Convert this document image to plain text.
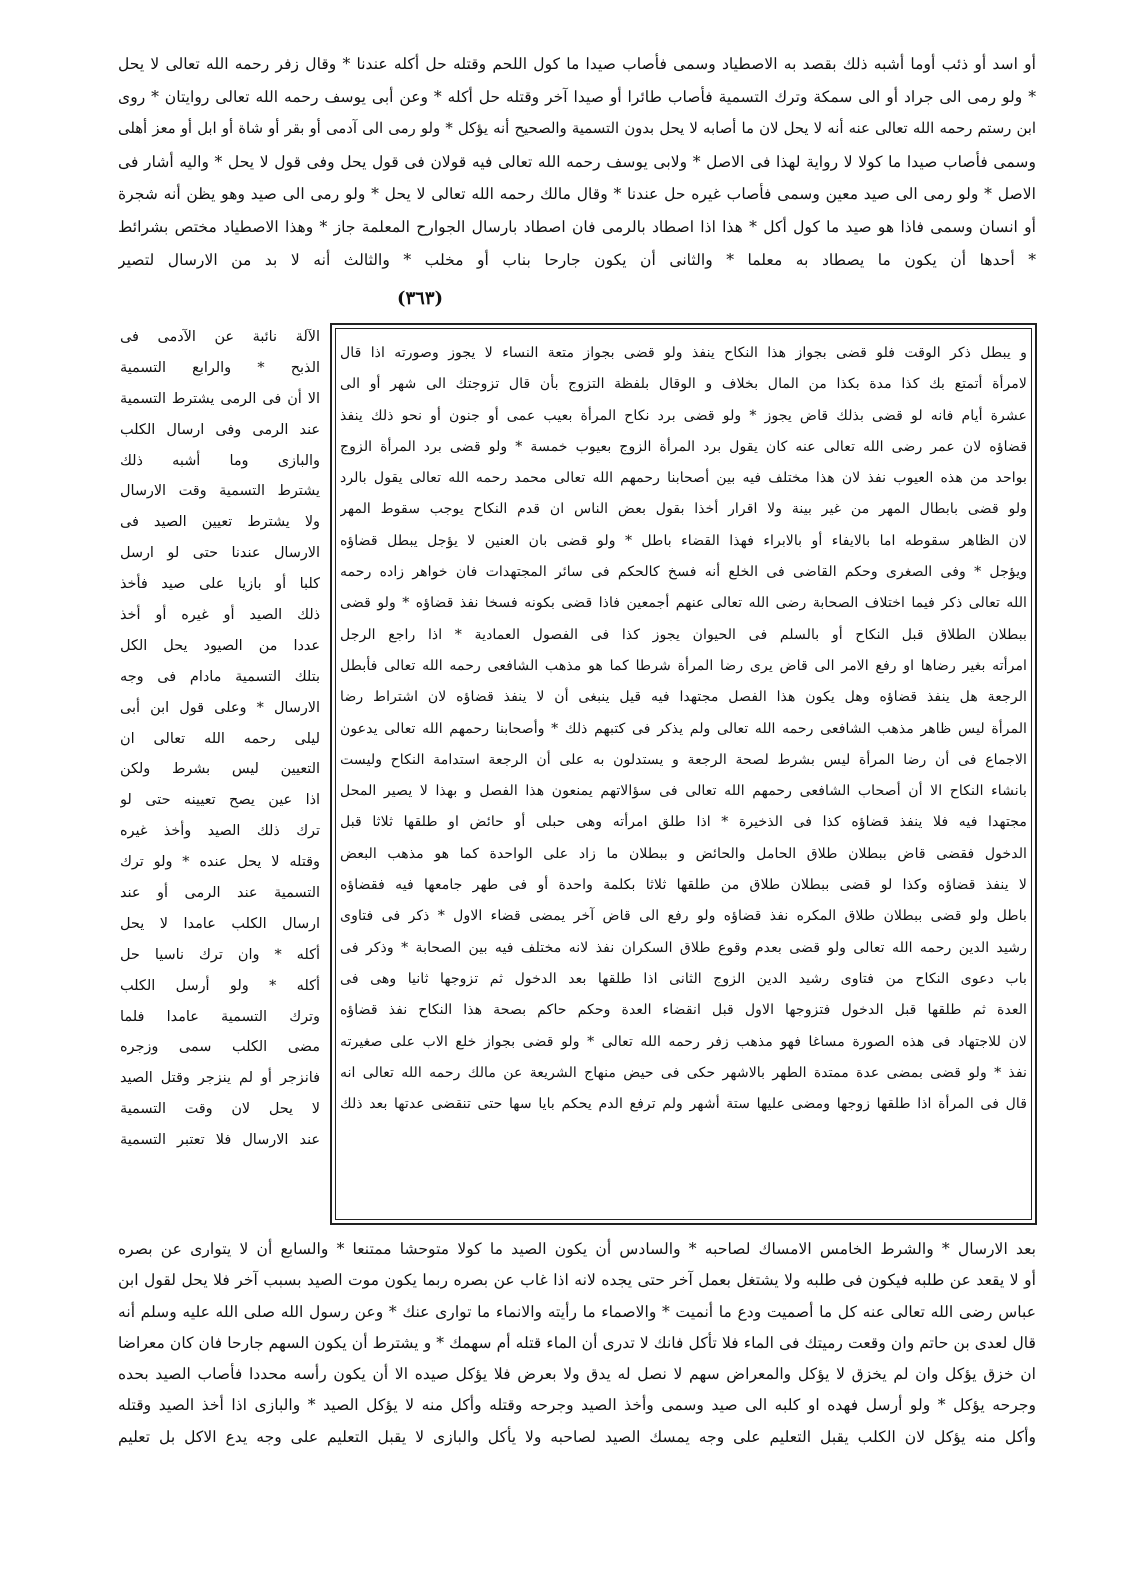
أو اسد أو ذئب أوما أشبه ذلك بقصد به الاصطياد وسمى فأصاب صيدا ما كول اللحم وقتله حل أكله عندنا * وقال زفر رحمه الله تعالى لا يحل
* ولو رمى الى جراد أو الى سمكة وترك التسمية فأصاب طائرا أو صيدا آخر وقتله حل أكله * وعن أبى يوسف رحمه الله تعالى روايتان * روى
ابن رستم رحمه الله تعالى عنه أنه لا يحل لان ما أصابه لا يحل بدون التسمية والصحيح أنه يؤكل * ولو رمى الى آدمى أو بقر أو شاة أو ابل أو معز أهلى
وسمى فأصاب صيدا ما كولا لا رواية لهذا فى الاصل * ولابى يوسف رحمه الله تعالى فيه قولان فى قول يحل وفى قول لا يحل * واليه أشار فى
الاصل * ولو رمى الى صيد معين وسمى فأصاب غيره حل عندنا * وقال مالك رحمه الله تعالى لا يحل * ولو رمى الى صيد وهو يظن أنه شجرة
أو انسان وسمى فاذا هو صيد ما كول أكل * هذا اذا اصطاد بالرمى فان اصطاد بارسال الجوارح المعلمة جاز * وهذا الاصطياد مختص بشرائط
* أحدها أن يكون ما يصطاد به معلما * والثانى أن يكون جارحا بناب أو مخلب * والثالث أنه لا بد من الارسال لتصير
(٣٦٣)
و يبطل ذكر الوقت فلو قضى بجواز هذا النكاح ينفذ ولو قضى بجواز متعة النساء لا يجوز وصورته اذا قال
لامرأة أتمتع بك كذا مدة بكذا من المال بخلاف و الوقال بلفظة التزوج بأن قال تزوجتك الى شهر أو الى
عشرة أيام فانه لو قضى بذلك قاض يجوز * ولو قضى برد نكاح المرأة بعيب عمى أو جنون أو نحو ذلك ينفذ
قضاؤه لان عمر رضى الله تعالى عنه كان يقول برد المرأة الزوج بعيوب خمسة * ولو قضى برد المرأة الزوج
بواحد من هذه العيوب نفذ لان هذا مختلف فيه بين أصحابنا رحمهم الله تعالى محمد رحمه الله تعالى يقول بالرد
ولو قضى بابطال المهر من غير بينة ولا اقرار أخذا بقول بعض الناس ان قدم النكاح يوجب سقوط المهر
لان الظاهر سقوطه اما بالايفاء أو بالابراء فهذا القضاء باطل * ولو قضى بان العنين لا يؤجل يبطل قضاؤه
ويؤجل * وفى الصغرى وحكم القاضى فى الخلع أنه فسخ كالحكم فى سائر المجتهدات فان خواهر زاده رحمه
الله تعالى ذكر فيما اختلاف الصحابة رضى الله تعالى عنهم أجمعين فاذا قضى بكونه فسخا نفذ قضاؤه * ولو قضى
ببطلان الطلاق قبل النكاح أو بالسلم فى الحيوان يجوز كذا فى الفصول العمادية * اذا راجع الرجل
امرأته بغير رضاها او رفع الامر الى قاض يرى رضا المرأة شرطا كما هو مذهب الشافعى رحمه الله تعالى فأبطل
الرجعة هل ينفذ قضاؤه وهل يكون هذا الفصل مجتهدا فيه قيل ينبغى أن لا ينفذ قضاؤه لان اشتراط رضا
المرأة ليس ظاهر مذهب الشافعى رحمه الله تعالى ولم يذكر فى كتبهم ذلك * وأصحابنا رحمهم الله تعالى يدعون
الاجماع فى أن رضا المرأة ليس بشرط لصحة الرجعة و يستدلون به على أن الرجعة استدامة النكاح وليست
بانشاء النكاح الا أن أصحاب الشافعى رحمهم الله تعالى فى سؤالاتهم يمنعون هذا الفصل و بهذا لا يصير المحل
مجتهدا فيه فلا ينفذ قضاؤه كذا فى الذخيرة * اذا طلق امرأته وهى حبلى أو حائض او طلقها ثلاثا قبل
الدخول فقضى قاض ببطلان طلاق الحامل والحائض و ببطلان ما زاد على الواحدة كما هو مذهب البعض
لا ينفذ قضاؤه وكذا لو قضى ببطلان طلاق من طلقها ثلاثا بكلمة واحدة أو فى طهر جامعها فيه فقضاؤه
باطل ولو قضى ببطلان طلاق المكره نفذ قضاؤه ولو رفع الى قاض آخر يمضى قضاء الاول * ذكر فى فتاوى
رشيد الدين رحمه الله تعالى ولو قضى بعدم وقوع طلاق السكران نفذ لانه مختلف فيه بين الصحابة * وذكر فى
باب دعوى النكاح من فتاوى رشيد الدين الزوج الثانى اذا طلقها بعد الدخول ثم تزوجها ثانيا وهى فى
العدة ثم طلقها قبل الدخول فتزوجها الاول قبل انقضاء العدة وحكم حاكم بصحة هذا النكاح نفذ قضاؤه
لان للاجتهاد فى هذه الصورة مساغا فهو مذهب زفر رحمه الله تعالى * ولو قضى بجواز خلع الاب على صغيرته
نفذ * ولو قضى بمضى عدة ممتدة الطهر بالاشهر حكى فى حيض منهاج الشريعة عن مالك رحمه الله تعالى انه
قال فى المرأة اذا طلقها زوجها ومضى عليها ستة أشهر ولم ترفع الدم يحكم بايا سها حتى تنقضى عدتها بعد ذلك
الآلة نائبة عن الآدمى فى
الذبح * والرابع التسمية
الا أن فى الرمى يشترط التسمية
عند الرمى وفى ارسال الكلب
والبازى وما أشبه ذلك
يشترط التسمية وقت الارسال
ولا يشترط تعيين الصيد فى
الارسال عندنا حتى لو ارسل
كلبا أو بازيا على صيد فأخذ
ذلك الصيد أو غيره أو أخذ
عددا من الصيود يحل الكل
بتلك التسمية مادام فى وجه
الارسال * وعلى قول ابن أبى
ليلى رحمه الله تعالى ان
التعيين ليس بشرط ولكن
اذا عين يصح تعيينه حتى لو
ترك ذلك الصيد وأخذ غيره
وقتله لا يحل عنده * ولو ترك
التسمية عند الرمى أو عند
ارسال الكلب عامدا لا يحل
أكله * وان ترك ناسيا حل
أكله * ولو أرسل الكلب
وترك التسمية عامدا فلما
مضى الكلب سمى وزجره
فانزجر أو لم ينزجر وقتل الصيد
لا يحل لان وقت التسمية
عند الارسال فلا تعتبر التسمية
بعد الارسال * والشرط الخامس الامساك لصاحبه * والسادس أن يكون الصيد ما كولا متوحشا ممتنعا * والسابع أن لا يتوارى عن بصره
أو لا يقعد عن طلبه فيكون فى طلبه ولا يشتغل بعمل آخر حتى يجده لانه اذا غاب عن بصره ربما يكون موت الصيد بسبب آخر فلا يحل لقول ابن
عباس رضى الله تعالى عنه كل ما أصميت ودع ما أنميت * والاصماء ما رأيته والانماء ما توارى عنك * وعن رسول الله صلى الله عليه وسلم أنه
قال لعدى بن حاتم وان وقعت رميتك فى الماء فلا تأكل فانك لا تدرى أن الماء قتله أم سهمك * و يشترط أن يكون السهم جارحا فان كان معراضا
ان خزق يؤكل وان لم يخزق لا يؤكل والمعراض سهم لا نصل له يدق ولا بعرض فلا يؤكل صيده الا أن يكون رأسه محددا فأصاب الصيد بحده
وجرحه يؤكل * ولو أرسل فهده او كلبه الى صيد وسمى وأخذ الصيد وجرحه وقتله وأكل منه لا يؤكل الصيد * والبازى اذا أخذ الصيد وقتله
وأكل منه يؤكل لان الكلب يقبل التعليم على وجه يمسك الصيد لصاحبه ولا يأكل والبازى لا يقبل التعليم على وجه يدع الاكل بل تعليم
